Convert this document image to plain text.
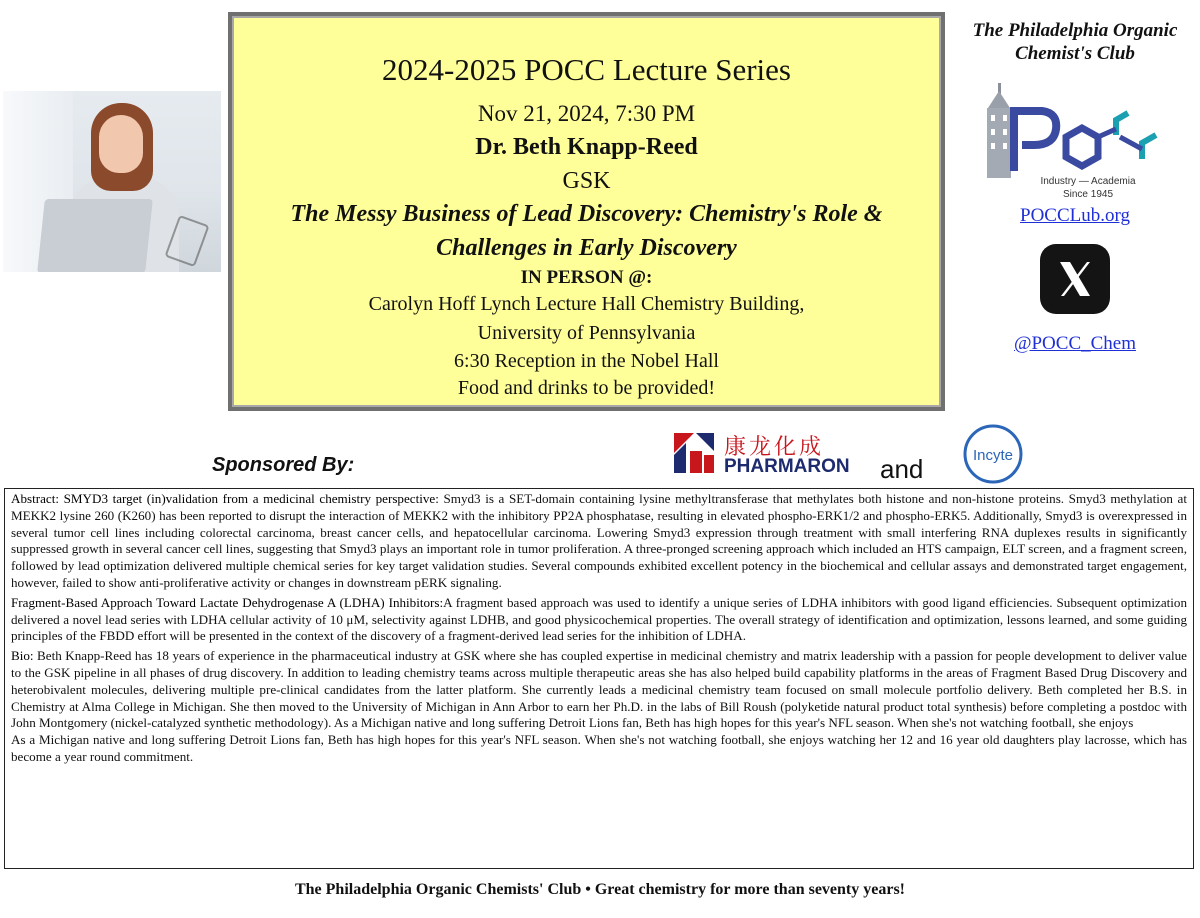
2024-2025 POCC Lecture Series
Nov 21, 2024, 7:30 PM
Dr. Beth Knapp-Reed
GSK
The Messy Business of Lead Discovery: Chemistry's Role &
Challenges in Early Discovery
IN PERSON @:
Carolyn Hoff Lynch Lecture Hall Chemistry Building,
University of Pennsylvania
6:30 Reception in the Nobel Hall
Food and drinks to be provided!
The Philadelphia Organic
Chemist's Club
Industry — Academia
Since 1945
POCCLub.org
@POCC_Chem
Sponsored By:
康龙化成
PHARMARON and	Incyte

Abstract: SMYD3 target (in)validation from a medicinal chemistry perspective: Smyd3 is a SET-domain containing lysine methyltransferase that methylates both histone and non-histone proteins. Smyd3 methylation at MEKK2 lysine 260 (K260) has been reported to disrupt the interaction of MEKK2 with the inhibitory PP2A phosphatase, resulting in elevated phospho-ERK1/2 and phospho-ERK5. Additionally, Smyd3 is overexpressed in several tumor cell lines including colorectal carcinoma, breast cancer cells, and hepatocellular carcinoma. Lowering Smyd3 expression through treatment with small interfering RNA duplexes results in significantly suppressed growth in several cancer cell lines, suggesting that Smyd3 plays an important role in tumor proliferation. A three-pronged screening approach which included an HTS campaign, ELT screen, and a fragment screen, followed by lead optimization delivered multiple chemical series for key target validation studies. Several compounds exhibited excellent potency in the biochemical and cellular assays and demonstrated target engagement, however, failed to show anti-proliferative activity or changes in downstream pERK signaling.

Fragment-Based Approach Toward Lactate Dehydrogenase A (LDHA) Inhibitors:A fragment based approach was used to identify a unique series of LDHA inhibitors with good ligand efficiencies. Subsequent optimization delivered a novel lead series with LDHA cellular activity of 10 μM, selectivity against LDHB, and good physicochemical properties. The overall strategy of identification and optimization, lessons learned, and some guiding principles of the FBDD effort will be presented in the context of the discovery of a fragment-derived lead series for the inhibition of LDHA.

Bio: Beth Knapp-Reed has 18 years of experience in the pharmaceutical industry at GSK where she has coupled expertise in medicinal chemistry and matrix leadership with a passion for people development to deliver value to the GSK pipeline in all phases of drug discovery. In addition to leading chemistry teams across multiple therapeutic areas she has also helped build capability platforms in the areas of Fragment Based Drug Discovery and heterobivalent molecules, delivering multiple pre-clinical candidates from the latter platform. She currently leads a medicinal chemistry team focused on small molecule portfolio delivery. Beth completed her B.S. in Chemistry at Alma College in Michigan. She then moved to the University of Michigan in Ann Arbor to earn her Ph.D. in the labs of Bill Roush (polyketide natural product total synthesis) before completing a postdoc with John Montgomery (nickel-catalyzed synthetic methodology). As a Michigan native and long suffering Detroit Lions fan, Beth has high hopes for this year's NFL season. When she's not watching football, she enjoys

As a Michigan native and long suffering Detroit Lions fan, Beth has high hopes for this year's NFL season. When she's not watching football, she enjoys watching her 12 and 16 year old daughters play lacrosse, which has become a year round commitment.

The Philadelphia Organic Chemists' Club • Great chemistry for more than seventy years!
